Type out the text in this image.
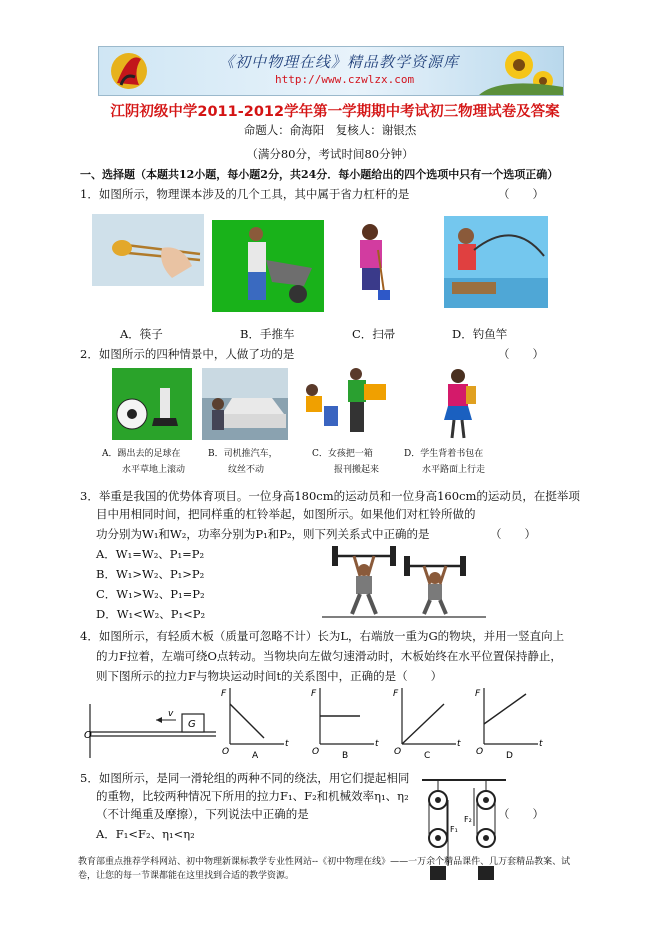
《初中物理在线》精品教学资源库
http://www.czwlzx.com
江阴初级中学2011-2012学年第一学期期中考试初三物理试卷及答案
命题人：俞海阳　复核人：谢银杰
（满分80分，考试时间80分钟）
一、选择题（本题共12小题，每小题2分，共24分．每小题给出的四个选项中只有一个选项正确）
1．如图所示，物理课本涉及的几个工具，其中属于省力杠杆的是	（　　）
A．筷子	B．手推车	C．扫帚	D．钓鱼竿
2．如图所示的四种情景中，人做了功的是	（　　）
A．踢出去的足球在
水平草地上滚动
B．司机推汽车，
纹丝不动
C．女孩把一箱
报刊搬起来
D．学生背着书包在
水平路面上行走
3．举重是我国的优势体育项目。一位身高180cm的运动员和一位身高160cm的运动员，在挺举项
目中用相同时间，把同样重的杠铃举起，如图所示。如果他们对杠铃所做的
功分别为W₁和W₂，功率分别为P₁和P₂，则下列关系式中正确的是	（　　）
A．W₁=W₂、P₁=P₂
B．W₁>W₂、P₁>P₂
C．W₁>W₂、P₁=P₂
D．W₁<W₂、P₁<P₂
4．如图所示，有轻质木板（质量可忽略不计）长为L，右端放一重为G的物块，并用一竖直向上
的力F拉着，左端可绕O点转动。当物块向左做匀速滑动时，木板始终在水平位置保持静止，
则下图所示的拉力F与物块运动时间t的关系图中，正确的是（　　）
O
G
v
F
t
O	A
F
t
O	B
F
t
O	C
F
t
O	D
5．如图所示，是同一滑轮组的两种不同的绕法，用它们提起相同
的重物，比较两种情况下所用的拉力F₁、F₂和机械效率η₁、η₂
（不计绳重及摩擦），下列说法中正确的是	（　　）
A．F₁<F₂、η₁<η₂	F₁
F₂
教育部重点推荐学科网站、初中物理新课标教学专业性网站--《初中物理在线》——一万余个精品课件、几万套精品教案、试卷，让您的每一节课都能在这里找到合适的教学资源。
